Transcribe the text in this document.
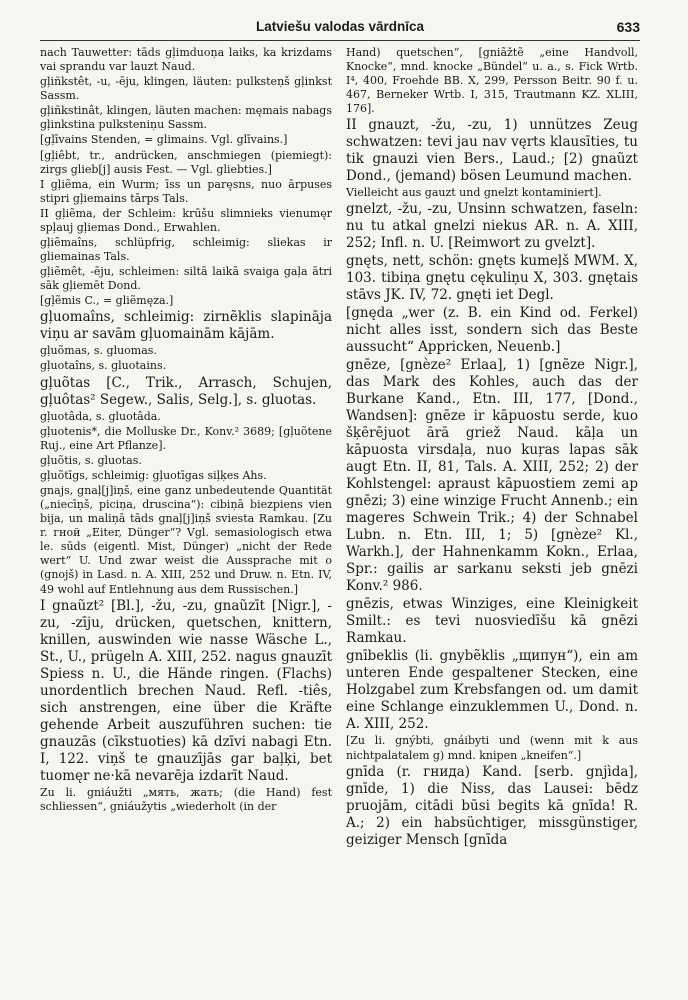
Latviešu valodas vārdnīca	633
nach Tauwetter: tāds gļimduoņa laiks, ka krizdams vai sprandu var lauzt Naud.
gļiñkstêt, -u, -ēju, klingen, läuten: pulksteņš gļinkst Sassm.
gļiñkstinât, klingen, läuten machen: męmais nabags gļinkstina pulksteniņu Sassm.
[gļīvains Stenden, = glimains. Vgl. glīvains.]
[gļiêbt, tr., andrücken, anschmiegen (piemiegt): zirgs glieb[j] ausis Fest. — Vgl. gliebties.]
I gļiẽma, ein Wurm; īss un paręsns, nuo ārpuses stipri gļiemains tārps Tals.
II gļiẽma, der Schleim: krūšu slimnieks vienumęr spļauj gļiemas Dond., Erwahlen.
gļiẽmaîns, schlüpfrig, schleimig: sliekas ir gliemainas Tals.
gļiẽmêt, -ēju, schleimen: siltā laikā svaiga gaļa ātri sāk gļiemēt Dond.
[gļẽmis C., = gliẽmęza.]
gļuomaîns, schleimig: zirnẽklis slapināja viņu ar savām gļuomainām kājām.
gļuõmas, s. gluomas.
gļuotaîns, s. gluotains.
gļuõtas [C., Trik., Arrasch, Schujen, gļuôtas² Segew., Salis, Selg.], s. gluotas.
gļuotâda, s. gluotâda.
gļuotenis*, die Molluske Dr., Konv.² 3689; [gļuõtene Ruj., eine Art Pflanze].
gļuõtis, s. gluotas.
gļuõtīgs, schleimig: gļuotīgas siļķes Ahs.
gnajs, gnaļ[j]iņš, eine ganz unbedeutende Quantität („niecīņš, piciņa, druscina“): cibiņā biezpiens vien bija, un maliņā tāds gnaļ[j]iņš sviesta Ramkau. [Zu r. гной „Eiter, Dünger“? Vgl. semasiologisch etwa le. sūds (eigentl. Mist, Dünger) „nicht der Rede wert“ U. Und zwar weist die Aussprache mit o (gnojš) in Lasd. n. A. XIII, 252 und Druw. n. Etn. IV, 49 wohl auf Entlehnung aus dem Russischen.]
I gnaũzt² [Bl.], -žu, -zu, gnaũzīt [Nigr.], -zu, -zīju, drücken, quetschen, knittern, knillen, auswinden wie nasse Wäsche L., St., U., prügeln A. XIII, 252. nagus gnauzīt Spiess n. U., die Hände ringen. (Flachs) unordentlich brechen Naud. Refl. -tiês, sich anstrengen, eine über die Kräfte gehende Arbeit auszuführen suchen: tie gnauzās (cīkstuoties) kā dzīvi nabagi Etn. I, 122. viņš te gnauzījās gar baļķi, bet tuomęr ne·kā nevarēja izdarīt Naud.
Zu li. gniáužti „мять, жать; (die Hand) fest schliessen“, gniáužytis „wiederholt (in der
Hand) quetschen“, [gniãžtẽ „eine Handvoll, Knocke“, mnd. knocke „Bündel“ u. a., s. Fick Wrtb. I⁴, 400, Froehde BB. X, 299, Persson Beitr. 90 f. u. 467, Berneker Wrtb. I, 315, Trautmann KZ. XLIII, 176].
II gnauzt, -žu, -zu, 1) unnützes Zeug schwatzen: tevi jau nav vęrts klausīties, tu tik gnauzi vien Bers., Laud.; [2) gnaũzt Dond., (jemand) bösen Leumund machen.
Vielleicht aus gauzt und gnelzt kontaminiert].
gnelzt, -žu, -zu, Unsinn schwatzen, faseln: nu tu atkal gnelzi niekus AR. n. A. XIII, 252; Infl. n. U. [Reimwort zu gvelzt].
gnęts, nett, schön: gnęts kumeļš MWM. X, 103. tibiņa gnętu cękuliņu X, 303. gnętais stāvs JK. IV, 72. gnęti iet Degl.
[gnęda „wer (z. B. ein Kind od. Ferkel) nicht alles isst, sondern sich das Beste aussucht“ Appricken, Neuenb.]
gnēze, [gnèze² Erlaa], 1) [gnẽze Nigr.], das Mark des Kohles, auch das der Burkane Kand., Etn. III, 177, [Dond., Wandsen]: gnēze ir kāpuostu serde, kuo šķērējuot ārā griež Naud. kāļa un kāpuosta virsdaļa, nuo kuŗas lapas sāk augt Etn. II, 81, Tals. A. XIII, 252; 2) der Kohlstengel: apraust kāpuostiem zemi ap gnēzi; 3) eine winzige Frucht Annenb.; ein mageres Schwein Trik.; 4) der Schnabel Lubn. n. Etn. III, 1; 5) [gnèze² Kl., Warkh.], der Hahnenkamm Kokn., Erlaa, Spr.: gailis ar sarkanu seksti jeb gnēzi Konv.² 986.
gnēzis, etwas Winziges, eine Kleinigkeit Smilt.: es tevi nuosviedīšu kā gnēzi Ramkau.
gnībeklis (li. gnybẽklis „щипун“), ein am unteren Ende gespaltener Stecken, eine Holzgabel zum Krebsfangen od. um damit eine Schlange einzuklemmen U., Dond. n. A. XIII, 252.
[Zu li. gnýbti, gnáibyti und (wenn mit k aus nichtpalatalem g) mnd. knipen „kneifen“.]
gnīda (r. гнида) Kand. [serb. gnjìda], gnīde, 1) die Niss, das Lausei: bēdz pruojām, citādi būsi begits kā gnīda! R. A.; 2) ein habsüchtiger, missgünstiger, geiziger Mensch [gnīda
